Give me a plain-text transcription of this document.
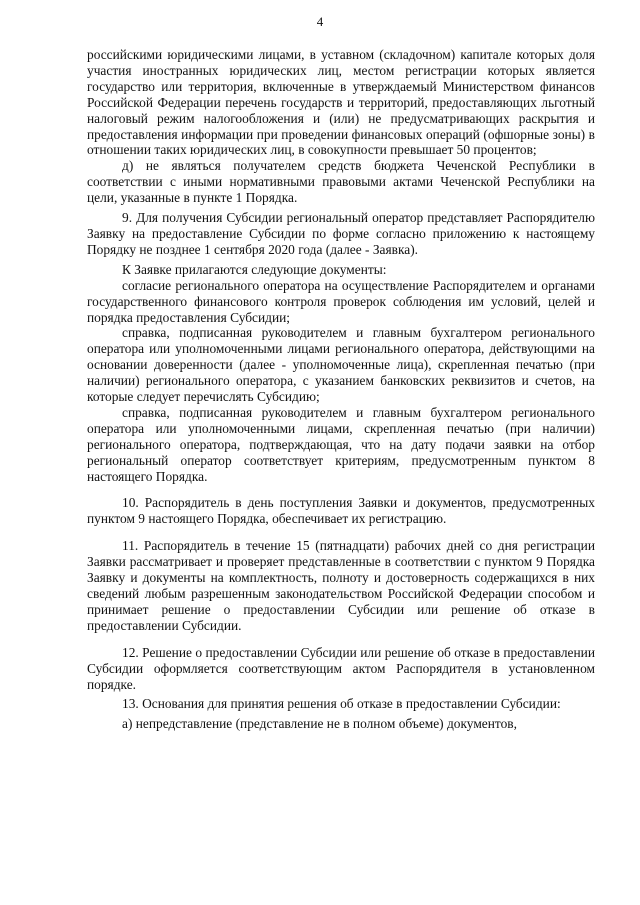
4

российскими юридическими лицами, в уставном (складочном) капитале которых доля участия иностранных юридических лиц, местом регистрации которых является государство или территория, включенные в утверждаемый Министерством финансов Российской Федерации перечень государств и территорий, предоставляющих льготный налоговый режим налогообложения и (или) не предусматривающих раскрытия и предоставления информации при проведении финансовых операций (офшорные зоны) в отношении таких юридических лиц, в совокупности превышает 50 процентов;

д) не являться получателем средств бюджета Чеченской Республики в соответствии с иными нормативными правовыми актами Чеченской Республики на цели, указанные в пункте 1 Порядка.

9. Для получения Субсидии региональный оператор представляет Распорядителю Заявку на предоставление Субсидии по форме согласно приложению к настоящему Порядку не позднее 1 сентября 2020 года (далее - Заявка).

К Заявке прилагаются следующие документы:

согласие регионального оператора на осуществление Распорядителем и органами государственного финансового контроля проверок соблюдения им условий, целей и порядка предоставления Субсидии;

справка, подписанная руководителем и главным бухгалтером регионального оператора или уполномоченными лицами регионального оператора, действующими на основании доверенности (далее - уполномоченные лица), скрепленная печатью (при наличии) регионального оператора, с указанием банковских реквизитов и счетов, на которые следует перечислять Субсидию;

справка, подписанная руководителем и главным бухгалтером регионального оператора или уполномоченными лицами, скрепленная печатью (при наличии) регионального оператора, подтверждающая, что на дату подачи заявки на отбор региональный оператор соответствует критериям, предусмотренным пунктом 8 настоящего Порядка.

10. Распорядитель в день поступления Заявки и документов, предусмотренных пунктом 9 настоящего Порядка, обеспечивает их регистрацию.

11. Распорядитель в течение 15 (пятнадцати) рабочих дней со дня регистрации Заявки рассматривает и проверяет представленные в соответствии с пунктом 9 Порядка Заявку и документы на комплектность, полноту и достоверность содержащихся в них сведений любым разрешенным законодательством Российской Федерации способом и принимает решение о предоставлении Субсидии или решение об отказе в предоставлении Субсидии.

12. Решение о предоставлении Субсидии или решение об отказе в предоставлении Субсидии оформляется соответствующим актом Распорядителя в установленном порядке.

13. Основания для принятия решения об отказе в предоставлении Субсидии:

а) непредставление (представление не в полном объеме) документов,
